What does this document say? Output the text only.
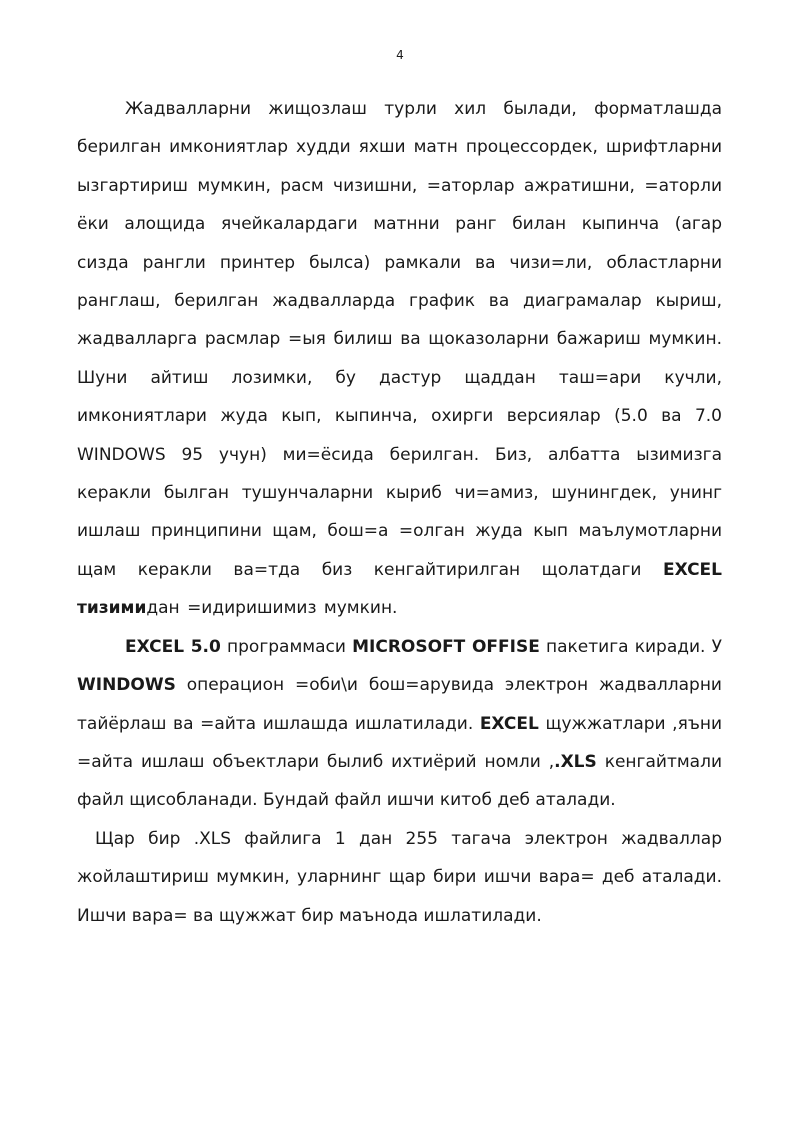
4

Жадвалларни жищозлаш турли хил былади, форматлашда берилган имкониятлар худди яхши матн процессордек, шрифтларни ызгартириш мумкин, расм чизишни, =аторлар ажратишни, =аторли ёки алощида ячейкалардаги матнни ранг билан кыпинча (агар сизда рангли принтер былса) рамкали ва чизи=ли, областларни ранглаш, берилган жадвалларда график ва диаграмалар кыриш, жадвалларга расмлар =ыя билиш ва щоказоларни бажариш мумкин. Шуни айтиш лозимки, бу дастур щаддан таш=ари кучли, имкониятлари жуда кып, кыпинча, охирги версиялар (5.0 ва 7.0 WINDOWS 95 учун) ми=ёсида берилган. Биз, албатта ызимизга керакли былган тушунчаларни кыриб чи=амиз, шунингдек, унинг ишлаш принципини щам, бош=а =олган жуда кып маълумотларни щам керакли ва=тда биз кенгайтирилган щолатдаги EXCEL тизимидан =идиришимиз мумкин.

EXCEL 5.0 программаси MICROSOFT OFFISE пакетига киради. У WINDOWS операцион =оби\и бош=арувида электрон жадвалларни тайёрлаш ва =айта ишлашда ишлатилади. EXCEL щужжатлари ,яъни =айта ишлаш объектлари былиб ихтиёрий номли ,.XLS кенгайтмали файл щисобланади. Бундай файл ишчи китоб деб аталади.

Щар бир .XLS файлига 1 дан 255 тагача электрон жадваллар жойлаштириш мумкин, уларнинг щар бири ишчи вара= деб аталади. Ишчи вара= ва щужжат бир маънода ишлатилади.
